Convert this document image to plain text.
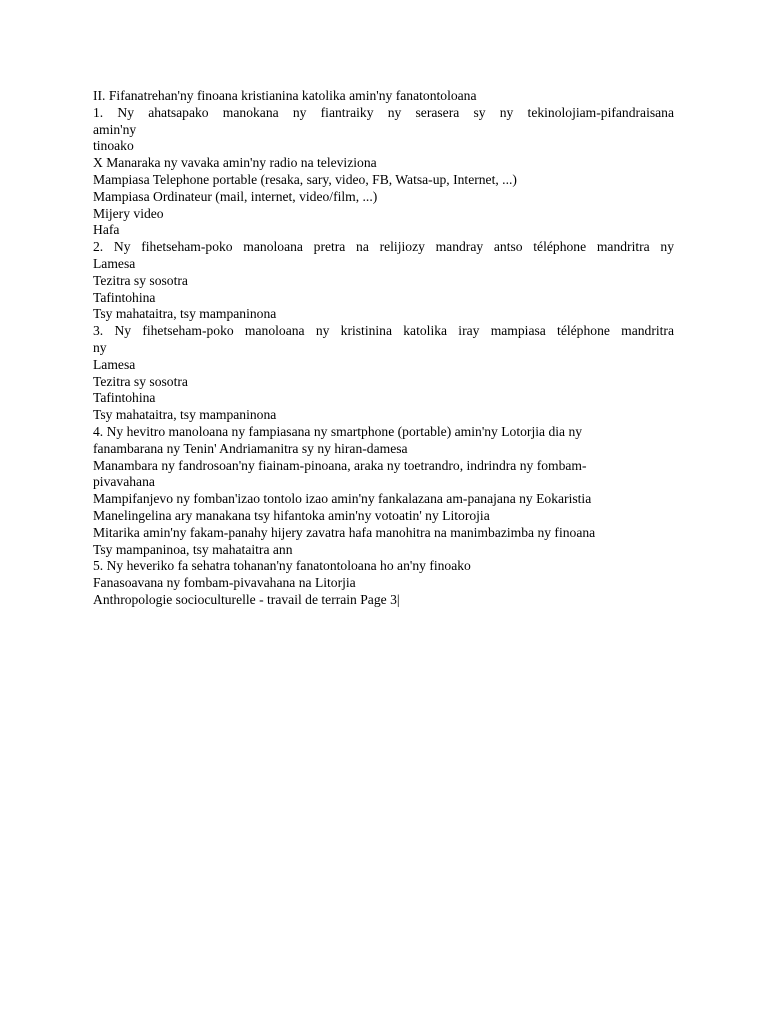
II. Fifanatrehan'ny finoana kristianina katolika amin'ny fanatontoloana
1. Ny ahatsapako manokana ny fiantraiky ny serasera sy ny tekinolojiam-pifandraisana
amin'ny
tinoako
X Manaraka ny vavaka amin'ny radio na televiziona
Mampiasa Telephone portable (resaka, sary, video, FB, Watsa-up, Internet, ...)
Mampiasa Ordinateur (mail, internet, video/film, ...)
Mijery video
Hafa
2. Ny fihetseham-poko manoloana pretra na relijiozy mandray antso téléphone mandritra ny
Lamesa
Tezitra sy sosotra
Tafintohina
Tsy mahataitra, tsy mampaninona
3. Ny fihetseham-poko manoloana ny kristinina katolika iray mampiasa téléphone mandritra
ny
Lamesa
Tezitra sy sosotra
Tafintohina
Tsy mahataitra, tsy mampaninona
4. Ny hevitro manoloana ny fampiasana ny smartphone (portable) amin'ny Lotorjia dia ny
fanambarana ny Tenin' Andriamanitra sy ny hiran-damesa
Manambara ny fandrosoan'ny fiainam-pinoana, araka ny toetrandro, indrindra ny fombam-
pivavahana
Mampifanjevo ny fomban'izao tontolo izao amin'ny fankalazana am-panajana ny Eokaristia
Manelingelina ary manakana tsy hifantoka amin'ny votoatin' ny Litorojia
Mitarika amin'ny fakam-panahy hijery zavatra hafa manohitra na manimbazimba ny finoana
Tsy mampaninoa, tsy mahataitra ann
5. Ny heveriko fa sehatra tohanan'ny fanatontoloana ho an'ny finoako
Fanasoavana ny fombam-pivavahana na Litorjia
Anthropologie socioculturelle - travail de terrain Page 3|
